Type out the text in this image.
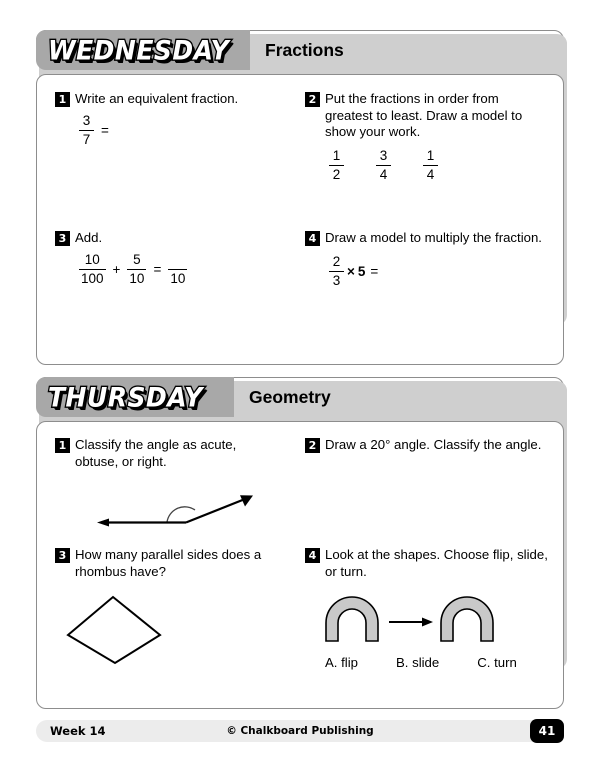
WEDNESDAY Fractions
1 Write an equivalent fraction.
$\frac{3}{7}$ =
2 Put the fractions in order from greatest to least. Draw a model to show your work.
$\frac{1}{2} \frac{3}{4} \frac{1}{4}$
3 Add.
$\frac{10}{100} + \frac{5}{10}$ =
10
4 Draw a model to multiply the fraction.
$\frac{2}{3} \times 5$ =
THURSDAY	Geometry
1 Classify the angle as acute, obtuse, or right.
2 Draw a 20° angle. Classify the angle.
3 How many parallel sides does a rhombus have?
4 Look at the shapes. Choose flip, slide, or turn.
A. flip	B. slide	C. turn
Week 14	© Chalkboard Publishing	41
